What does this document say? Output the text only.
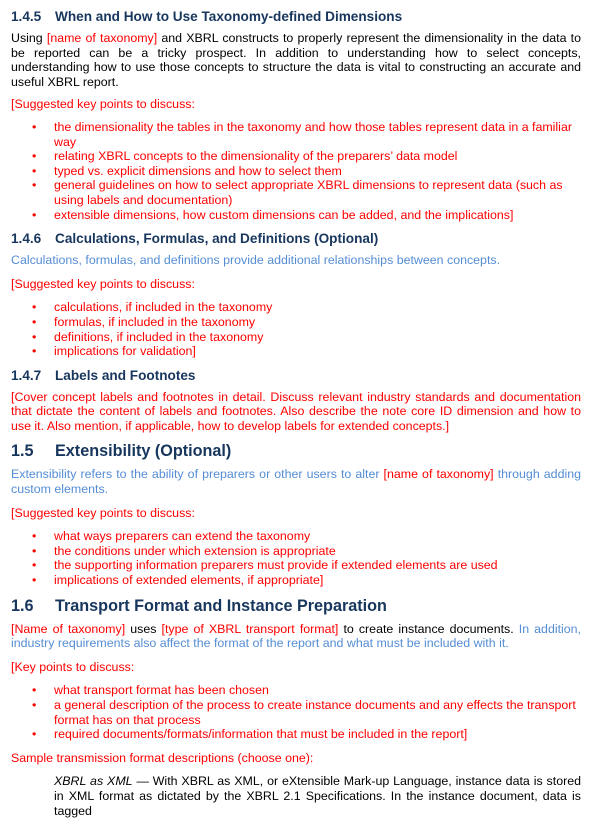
1.4.5 When and How to Use Taxonomy-defined Dimensions

Using [name of taxonomy] and XBRL constructs to properly represent the dimensionality in the data to be reported can be a tricky prospect. In addition to understanding how to select concepts, understanding how to use those concepts to structure the data is vital to constructing an accurate and useful XBRL report.

[Suggested key points to discuss:

• the dimensionality the tables in the taxonomy and how those tables represent data in a familiar way
• relating XBRL concepts to the dimensionality of the preparers’ data model
• typed vs. explicit dimensions and how to select them
• general guidelines on how to select appropriate XBRL dimensions to represent data (such as using labels and documentation)
• extensible dimensions, how custom dimensions can be added, and the implications]
1.4.6 Calculations, Formulas, and Definitions (Optional)

Calculations, formulas, and definitions provide additional relationships between concepts.

[Suggested key points to discuss:

• calculations, if included in the taxonomy
• formulas, if included in the taxonomy
• definitions, if included in the taxonomy
• implications for validation]
1.4.7 Labels and Footnotes

[Cover concept labels and footnotes in detail. Discuss relevant industry standards and documentation that dictate the content of labels and footnotes. Also describe the note core ID dimension and how to use it. Also mention, if applicable, how to develop labels for extended concepts.]

1.5 Extensibility (Optional)

Extensibility refers to the ability of preparers or other users to alter [name of taxonomy] through adding custom elements.

[Suggested key points to discuss:

• what ways preparers can extend the taxonomy
• the conditions under which extension is appropriate
• the supporting information preparers must provide if extended elements are used
• implications of extended elements, if appropriate]
1.6 Transport Format and Instance Preparation

[Name of taxonomy] uses [type of XBRL transport format] to create instance documents. In addition, industry requirements also affect the format of the report and what must be included with it.

[Key points to discuss:

• what transport format has been chosen
• a general description of the process to create instance documents and any effects the transport format has on that process
• required documents/formats/information that must be included in the report]

Sample transmission format descriptions (choose one):

XBRL as XML — With XBRL as XML, or eXtensible Mark-up Language, instance data is stored in XML format as dictated by the XBRL 2.1 Specifications. In the instance document, data is tagged
